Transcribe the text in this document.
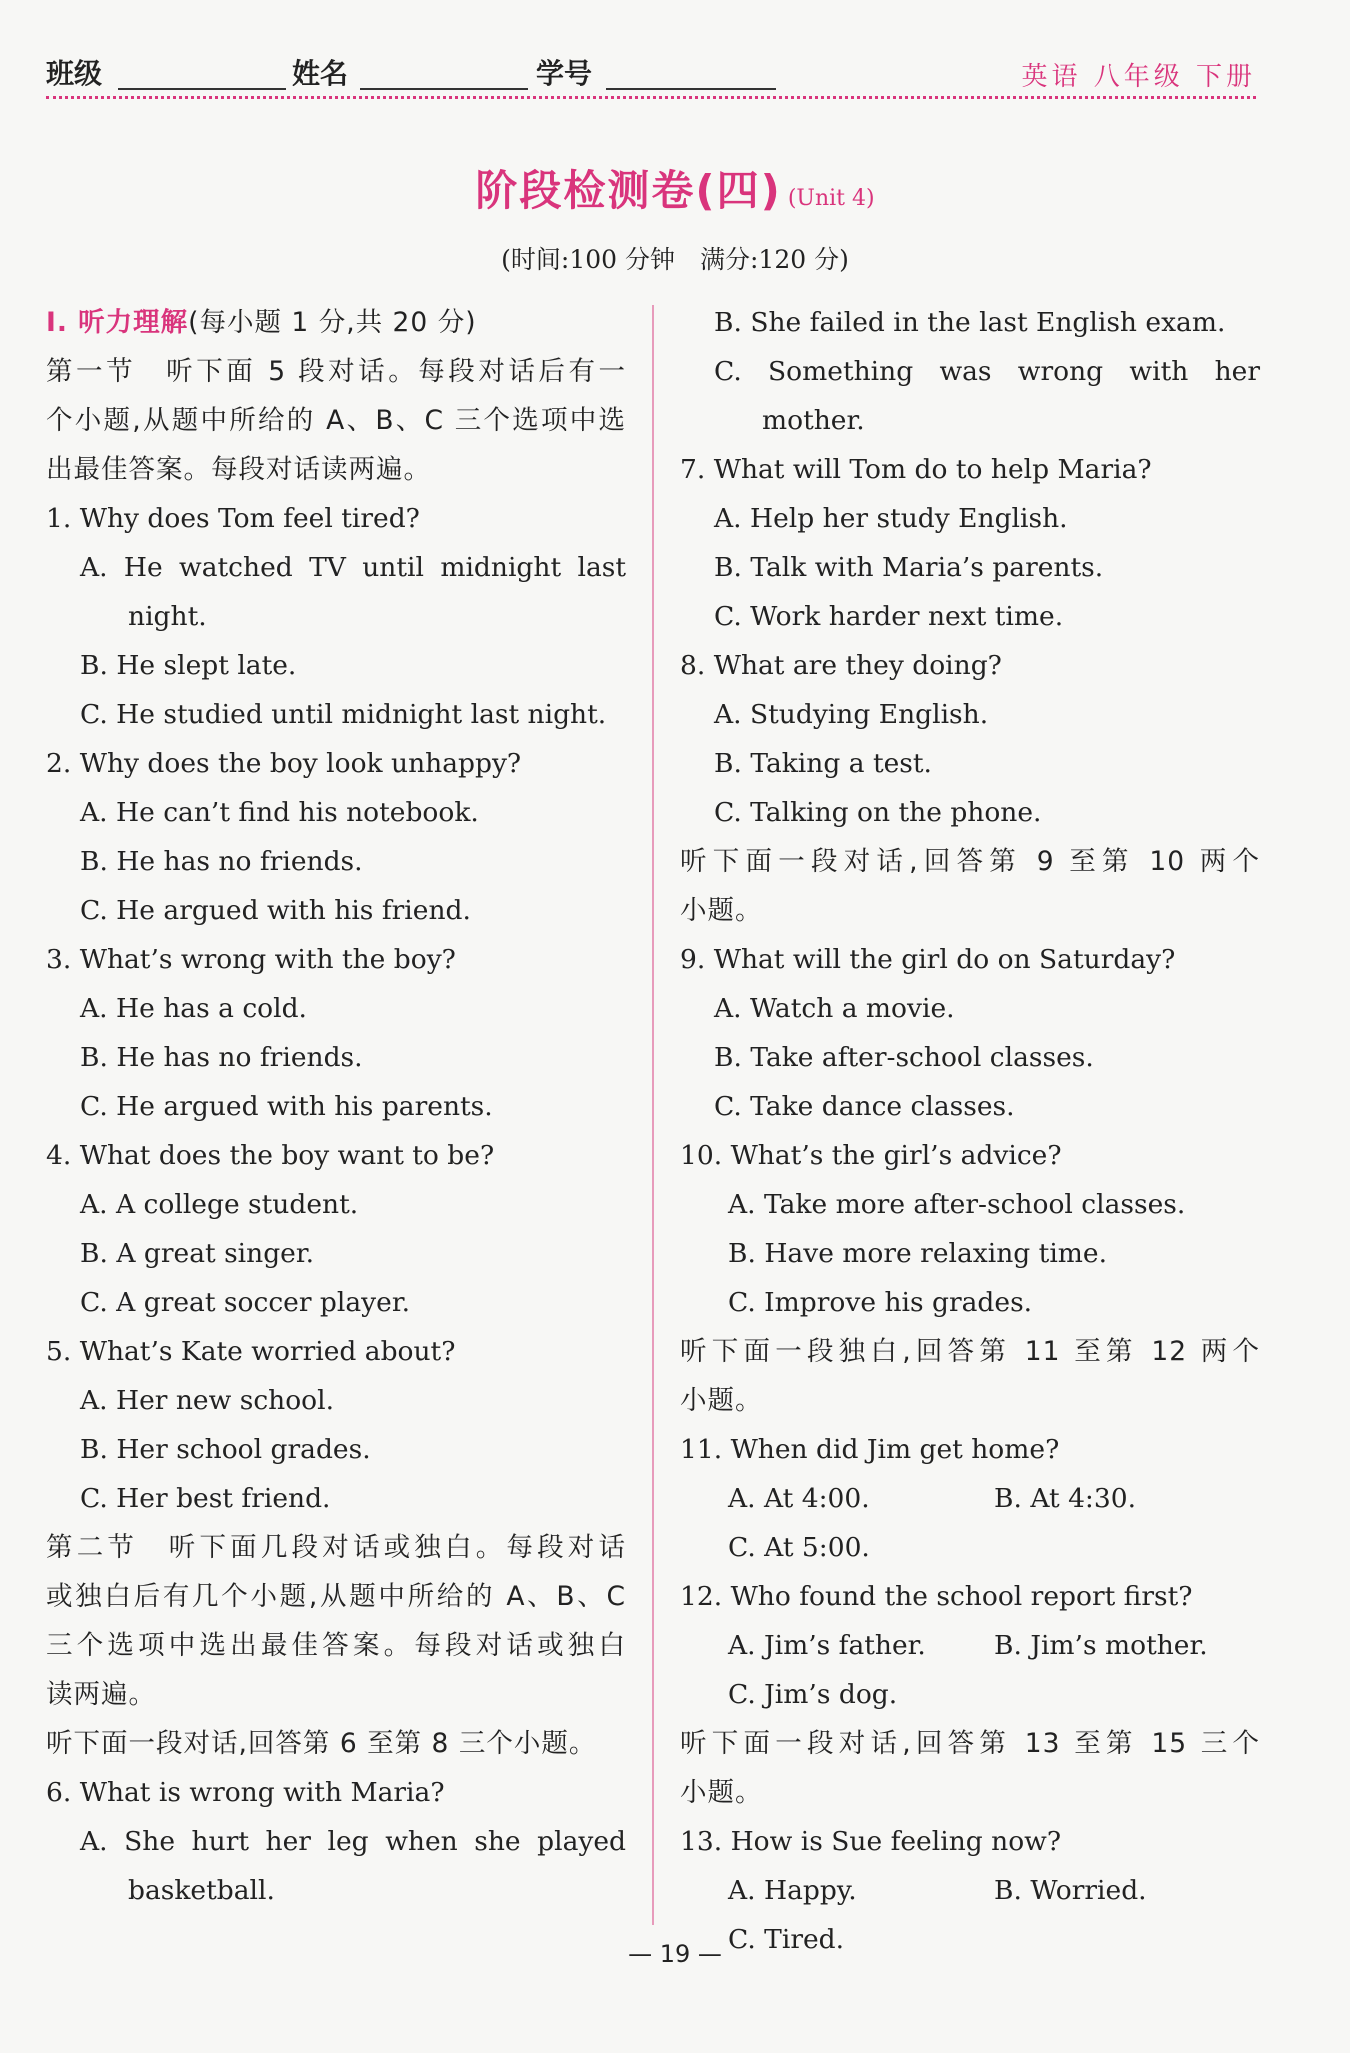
班级	姓名	学号	英语 八年级 下册
阶段检测卷(四) (Unit 4)
(时间:100 分钟　满分:120 分)
Ⅰ. 听力理解(每小题 1 分,共 20 分)
第一节　听下面 5 段对话。每段对话后有一
个小题,从题中所给的 A、B、C 三个选项中选
出最佳答案。每段对话读两遍。
1. Why does Tom feel tired?
A. He watched TV until midnight last
night.
B. He slept late.
C. He studied until midnight last night.
2. Why does the boy look unhappy?
A. He can’t find his notebook.
B. He has no friends.
C. He argued with his friend.
3. What’s wrong with the boy?
A. He has a cold.
B. He has no friends.
C. He argued with his parents.
4. What does the boy want to be?
A. A college student.
B. A great singer.
C. A great soccer player.
5. What’s Kate worried about?
A. Her new school.
B. Her school grades.
C. Her best friend.
第二节　听下面几段对话或独白。每段对话
或独白后有几个小题,从题中所给的 A、B、C
三个选项中选出最佳答案。每段对话或独白
读两遍。
听下面一段对话,回答第 6 至第 8 三个小题。
6. What is wrong with Maria?
A. She hurt her leg when she played
basketball.
B. She failed in the last English exam.
C. Something was wrong with her
mother.
7. What will Tom do to help Maria?
A. Help her study English.
B. Talk with Maria’s parents.
C. Work harder next time.
8. What are they doing?
A. Studying English.
B. Taking a test.
C. Talking on the phone.
听下面一段对话,回答第 9 至第 10 两个
小题。
9. What will the girl do on Saturday?
A. Watch a movie.
B. Take after-school classes.
C. Take dance classes.
10. What’s the girl’s advice?
A. Take more after-school classes.
B. Have more relaxing time.
C. Improve his grades.
听下面一段独白,回答第 11 至第 12 两个
小题。
11. When did Jim get home?
A. At 4:00.	B. At 4:30.
C. At 5:00.
12. Who found the school report first?
A. Jim’s father.	B. Jim’s mother.
C. Jim’s dog.
听下面一段对话,回答第 13 至第 15 三个
小题。
13. How is Sue feeling now?
A. Happy.	B. Worried.
C. Tired.
— 19 —
